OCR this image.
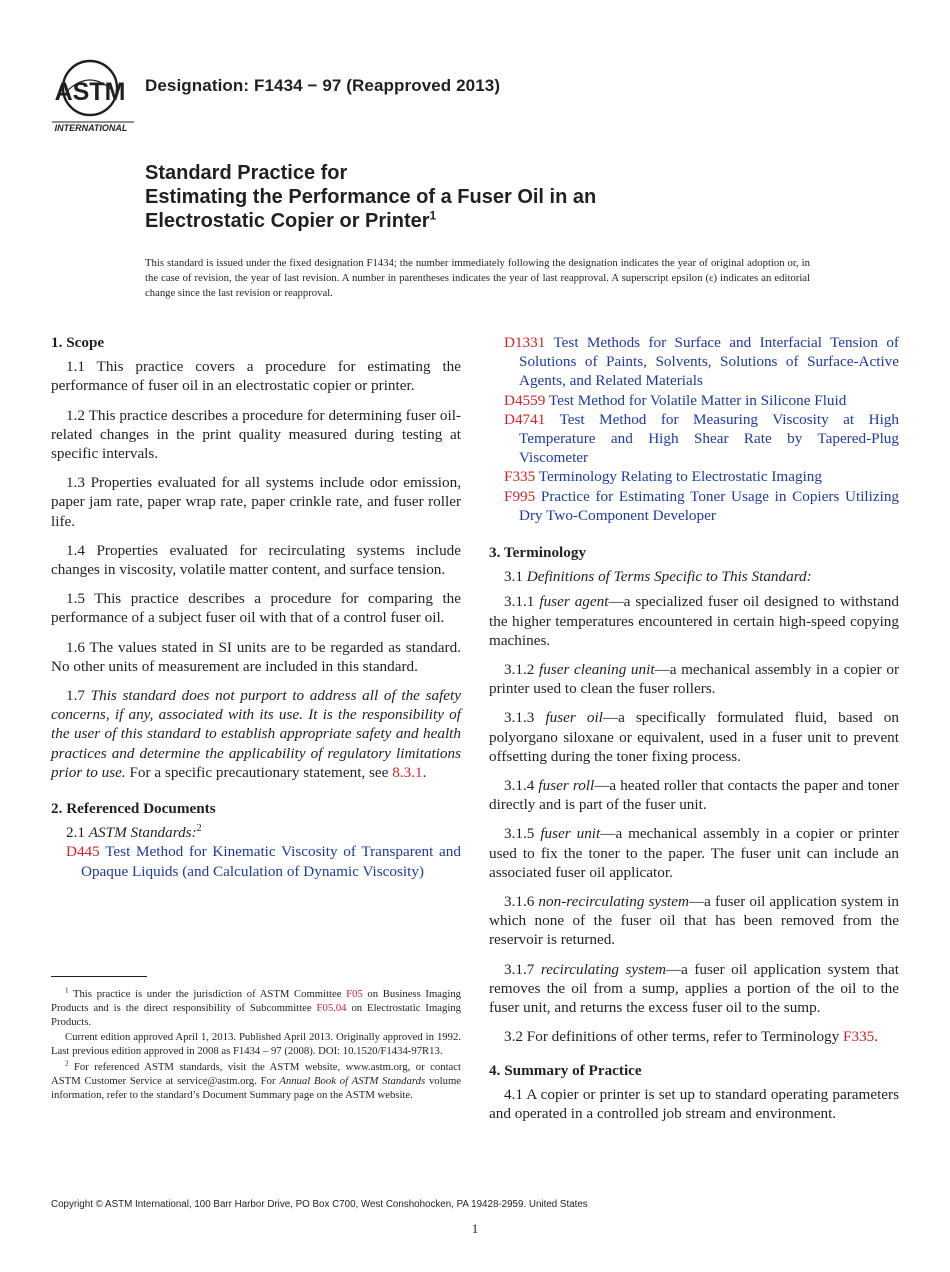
ASTM
INTERNATIONAL
Designation: F1434 − 97 (Reapproved 2013)
Standard Practice for
Estimating the Performance of a Fuser Oil in an
Electrostatic Copier or Printer$^1$
This standard is issued under the fixed designation F1434; the number immediately following the designation indicates the year of original adoption or, in the case of revision, the year of last revision. A number in parentheses indicates the year of last reapproval. A superscript epsilon (ε) indicates an editorial change since the last revision or reapproval.
1. Scope

1.1 This practice covers a procedure for estimating the performance of fuser oil in an electrostatic copier or printer.

1.2 This practice describes a procedure for determining fuser oil-related changes in the print quality measured during testing at specific intervals.

1.3 Properties evaluated for all systems include odor emission, paper jam rate, paper wrap rate, paper crinkle rate, and fuser roller life.

1.4 Properties evaluated for recirculating systems include changes in viscosity, volatile matter content, and surface tension.

1.5 This practice describes a procedure for comparing the performance of a subject fuser oil with that of a control fuser oil.

1.6 The values stated in SI units are to be regarded as standard. No other units of measurement are included in this standard.

1.7 This standard does not purport to address all of the safety concerns, if any, associated with its use. It is the responsibility of the user of this standard to establish appropriate safety and health practices and determine the applicability of regulatory limitations prior to use. For a specific precautionary statement, see 8.3.1.

2. Referenced Documents

2.1 ASTM Standards:$^2$

D445 Test Method for Kinematic Viscosity of Transparent and Opaque Liquids (and Calculation of Dynamic Viscosity)

D1331 Test Methods for Surface and Interfacial Tension of Solutions of Paints, Solvents, Solutions of Surface-Active Agents, and Related Materials

D4559 Test Method for Volatile Matter in Silicone Fluid

D4741 Test Method for Measuring Viscosity at High Temperature and High Shear Rate by Tapered-Plug Viscometer

F335 Terminology Relating to Electrostatic Imaging

F995 Practice for Estimating Toner Usage in Copiers Utilizing Dry Two-Component Developer

3. Terminology

3.1 Definitions of Terms Specific to This Standard:

3.1.1 fuser agent—a specialized fuser oil designed to withstand the higher temperatures encountered in certain high-speed copying machines.

3.1.2 fuser cleaning unit—a mechanical assembly in a copier or printer used to clean the fuser rollers.

3.1.3 fuser oil—a specifically formulated fluid, based on polyorgano siloxane or equivalent, used in a fuser unit to prevent offsetting during the toner fixing process.

3.1.4 fuser roll—a heated roller that contacts the paper and toner directly and is part of the fuser unit.

3.1.5 fuser unit—a mechanical assembly in a copier or printer used to fix the toner to the paper. The fuser unit can include an associated fuser oil applicator.

3.1.6 non-recirculating system—a fuser oil application system in which none of the fuser oil that has been removed from the reservoir is returned.

3.1.7 recirculating system—a fuser oil application system that removes the oil from a sump, applies a portion of the oil to the fuser unit, and returns the excess fuser oil to the sump.

3.2 For definitions of other terms, refer to Terminology F335.

4. Summary of Practice

4.1 A copier or printer is set up to standard operating parameters and operated in a controlled job stream and environment.

$^1$ This practice is under the jurisdiction of ASTM Committee F05 on Business Imaging Products and is the direct responsibility of Subcommittee F05.04 on Electrostatic Imaging Products.

Current edition approved April 1, 2013. Published April 2013. Originally approved in 1992. Last previous edition approved in 2008 as F1434 – 97 (2008). DOI: 10.1520/F1434-97R13.

$^2$ For referenced ASTM standards, visit the ASTM website, www.astm.org, or contact ASTM Customer Service at service@astm.org. For Annual Book of ASTM Standards volume information, refer to the standard’s Document Summary page on the ASTM website.

Copyright © ASTM International, 100 Barr Harbor Drive, PO Box C700, West Conshohocken, PA 19428-2959. United States
1
